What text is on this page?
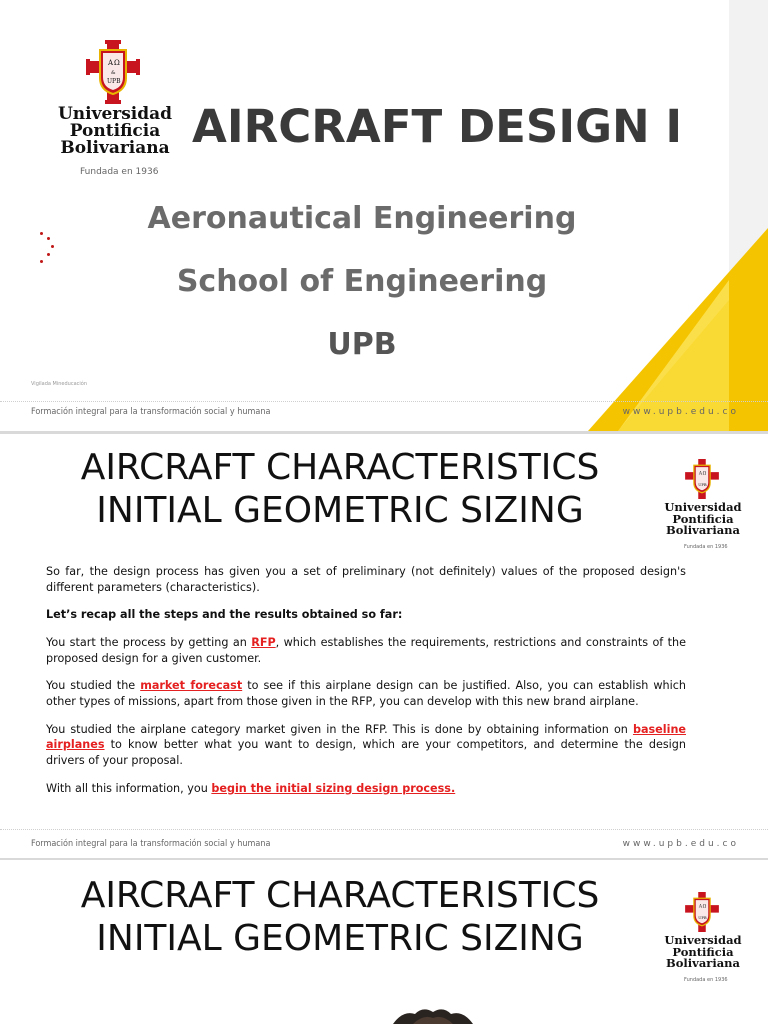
A Ω
&
UPB
Universidad
Pontificia
Bolivariana
Fundada en 1936
AIRCRAFT DESIGN I
Aeronautical Engineering
School of Engineering
UPB
Vigilada Mineducación
Formación integral para la transformación social y humana	www.upb.edu.co
AIRCRAFT CHARACTERISTICS
INITIAL GEOMETRIC SIZING
A Ω
UPB
Universidad
Pontificia
Bolivariana
Fundada en 1936

So far, the design process has given you a set of preliminary (not definitely) values of the proposed design's different parameters (characteristics).

Let’s recap all the steps and the results obtained so far:

You start the process by getting an RFP, which establishes the requirements, restrictions and constraints of the proposed design for a given customer.

You studied the market forecast to see if this airplane design can be justified. Also, you can establish which other types of missions, apart from those given in the RFP, you can develop with this new brand airplane.

You studied the airplane category market given in the RFP. This is done by obtaining information on baseline airplanes to know better what you want to design, which are your competitors, and determine the design drivers of your proposal.

With all this information, you begin the initial sizing design process.

Formación integral para la transformación social y humana	www.upb.edu.co
AIRCRAFT CHARACTERISTICS
INITIAL GEOMETRIC SIZING
A Ω
UPB
Universidad
Pontificia
Bolivariana
Fundada en 1936
